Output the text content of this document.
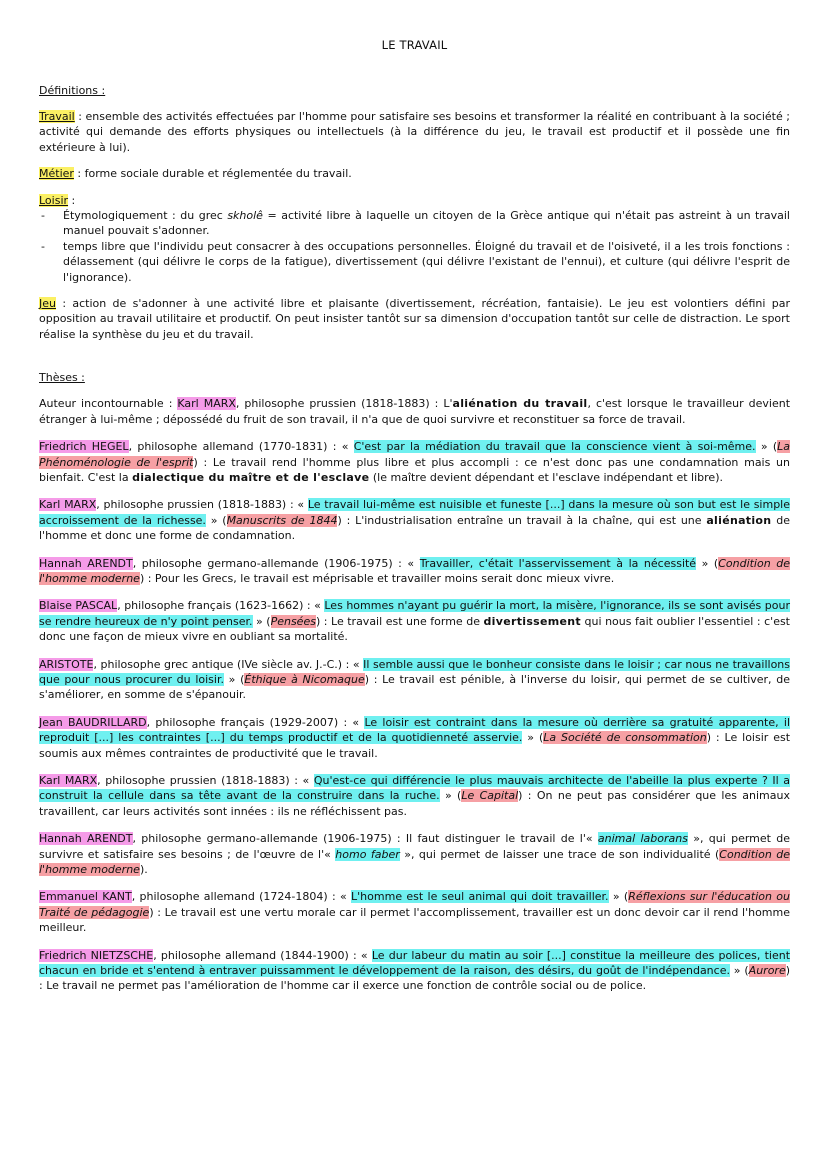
LE TRAVAIL
Définitions :

Travail : ensemble des activités effectuées par l'homme pour satisfaire ses besoins et transformer la réalité en contribuant à la société ; activité qui demande des efforts physiques ou intellectuels (à la différence du jeu, le travail est productif et il possède une fin extérieure à lui).

Métier : forme sociale durable et réglementée du travail.

Loisir :

- Étymologiquement : du grec skholê = activité libre à laquelle un citoyen de la Grèce antique qui n'était pas astreint à un travail manuel pouvait s'adonner.
- temps libre que l'individu peut consacrer à des occupations personnelles. Éloigné du travail et de l'oisiveté, il a les trois fonctions : délassement (qui délivre le corps de la fatigue), divertissement (qui délivre l'existant de l'ennui), et culture (qui délivre l'esprit de l'ignorance).

Jeu : action de s'adonner à une activité libre et plaisante (divertissement, récréation, fantaisie). Le jeu est volontiers défini par opposition au travail utilitaire et productif. On peut insister tantôt sur sa dimension d'occupation tantôt sur celle de distraction. Le sport réalise la synthèse du jeu et du travail.

Thèses :

Auteur incontournable : Karl MARX, philosophe prussien (1818-1883) : L'aliénation du travail, c'est lorsque le travailleur devient étranger à lui-même ; dépossédé du fruit de son travail, il n'a que de quoi survivre et reconstituer sa force de travail.

Friedrich HEGEL, philosophe allemand (1770-1831) : « C'est par la médiation du travail que la conscience vient à soi-même. » (La Phénoménologie de l'esprit) : Le travail rend l'homme plus libre et plus accompli : ce n'est donc pas une condamnation mais un bienfait. C'est la dialectique du maître et de l'esclave (le maître devient dépendant et l'esclave indépendant et libre).

Karl MARX, philosophe prussien (1818-1883) : « Le travail lui-même est nuisible et funeste [...] dans la mesure où son but est le simple accroissement de la richesse. » (Manuscrits de 1844) : L'industrialisation entraîne un travail à la chaîne, qui est une aliénation de l'homme et donc une forme de condamnation.

Hannah ARENDT, philosophe germano-allemande (1906-1975) : « Travailler, c'était l'asservissement à la nécessité » (Condition de l'homme moderne) : Pour les Grecs, le travail est méprisable et travailler moins serait donc mieux vivre.

Blaise PASCAL, philosophe français (1623-1662) : « Les hommes n'ayant pu guérir la mort, la misère, l'ignorance, ils se sont avisés pour se rendre heureux de n'y point penser. » (Pensées) : Le travail est une forme de divertissement qui nous fait oublier l'essentiel : c'est donc une façon de mieux vivre en oubliant sa mortalité.

ARISTOTE, philosophe grec antique (IVe siècle av. J.-C.) : « Il semble aussi que le bonheur consiste dans le loisir ; car nous ne travaillons que pour nous procurer du loisir. » (Éthique à Nicomaque) : Le travail est pénible, à l'inverse du loisir, qui permet de se cultiver, de s'améliorer, en somme de s'épanouir.

Jean BAUDRILLARD, philosophe français (1929-2007) : « Le loisir est contraint dans la mesure où derrière sa gratuité apparente, il reproduit [...] les contraintes [...] du temps productif et de la quotidienneté asservie. » (La Société de consommation) : Le loisir est soumis aux mêmes contraintes de productivité que le travail.

Karl MARX, philosophe prussien (1818-1883) : « Qu'est-ce qui différencie le plus mauvais architecte de l'abeille la plus experte ? Il a construit la cellule dans sa tête avant de la construire dans la ruche. » (Le Capital) : On ne peut pas considérer que les animaux travaillent, car leurs activités sont innées : ils ne réfléchissent pas.

Hannah ARENDT, philosophe germano-allemande (1906-1975) : Il faut distinguer le travail de l'« animal laborans », qui permet de survivre et satisfaire ses besoins ; de l'œuvre de l'« homo faber », qui permet de laisser une trace de son individualité (Condition de l'homme moderne).

Emmanuel KANT, philosophe allemand (1724-1804) : « L'homme est le seul animal qui doit travailler. » (Réflexions sur l'éducation ou Traité de pédagogie) : Le travail est une vertu morale car il permet l'accomplissement, travailler est un donc devoir car il rend l'homme meilleur.

Friedrich NIETZSCHE, philosophe allemand (1844-1900) : « Le dur labeur du matin au soir [...] constitue la meilleure des polices, tient chacun en bride et s'entend à entraver puissamment le développement de la raison, des désirs, du goût de l'indépendance. » (Aurore) : Le travail ne permet pas l'amélioration de l'homme car il exerce une fonction de contrôle social ou de police.
